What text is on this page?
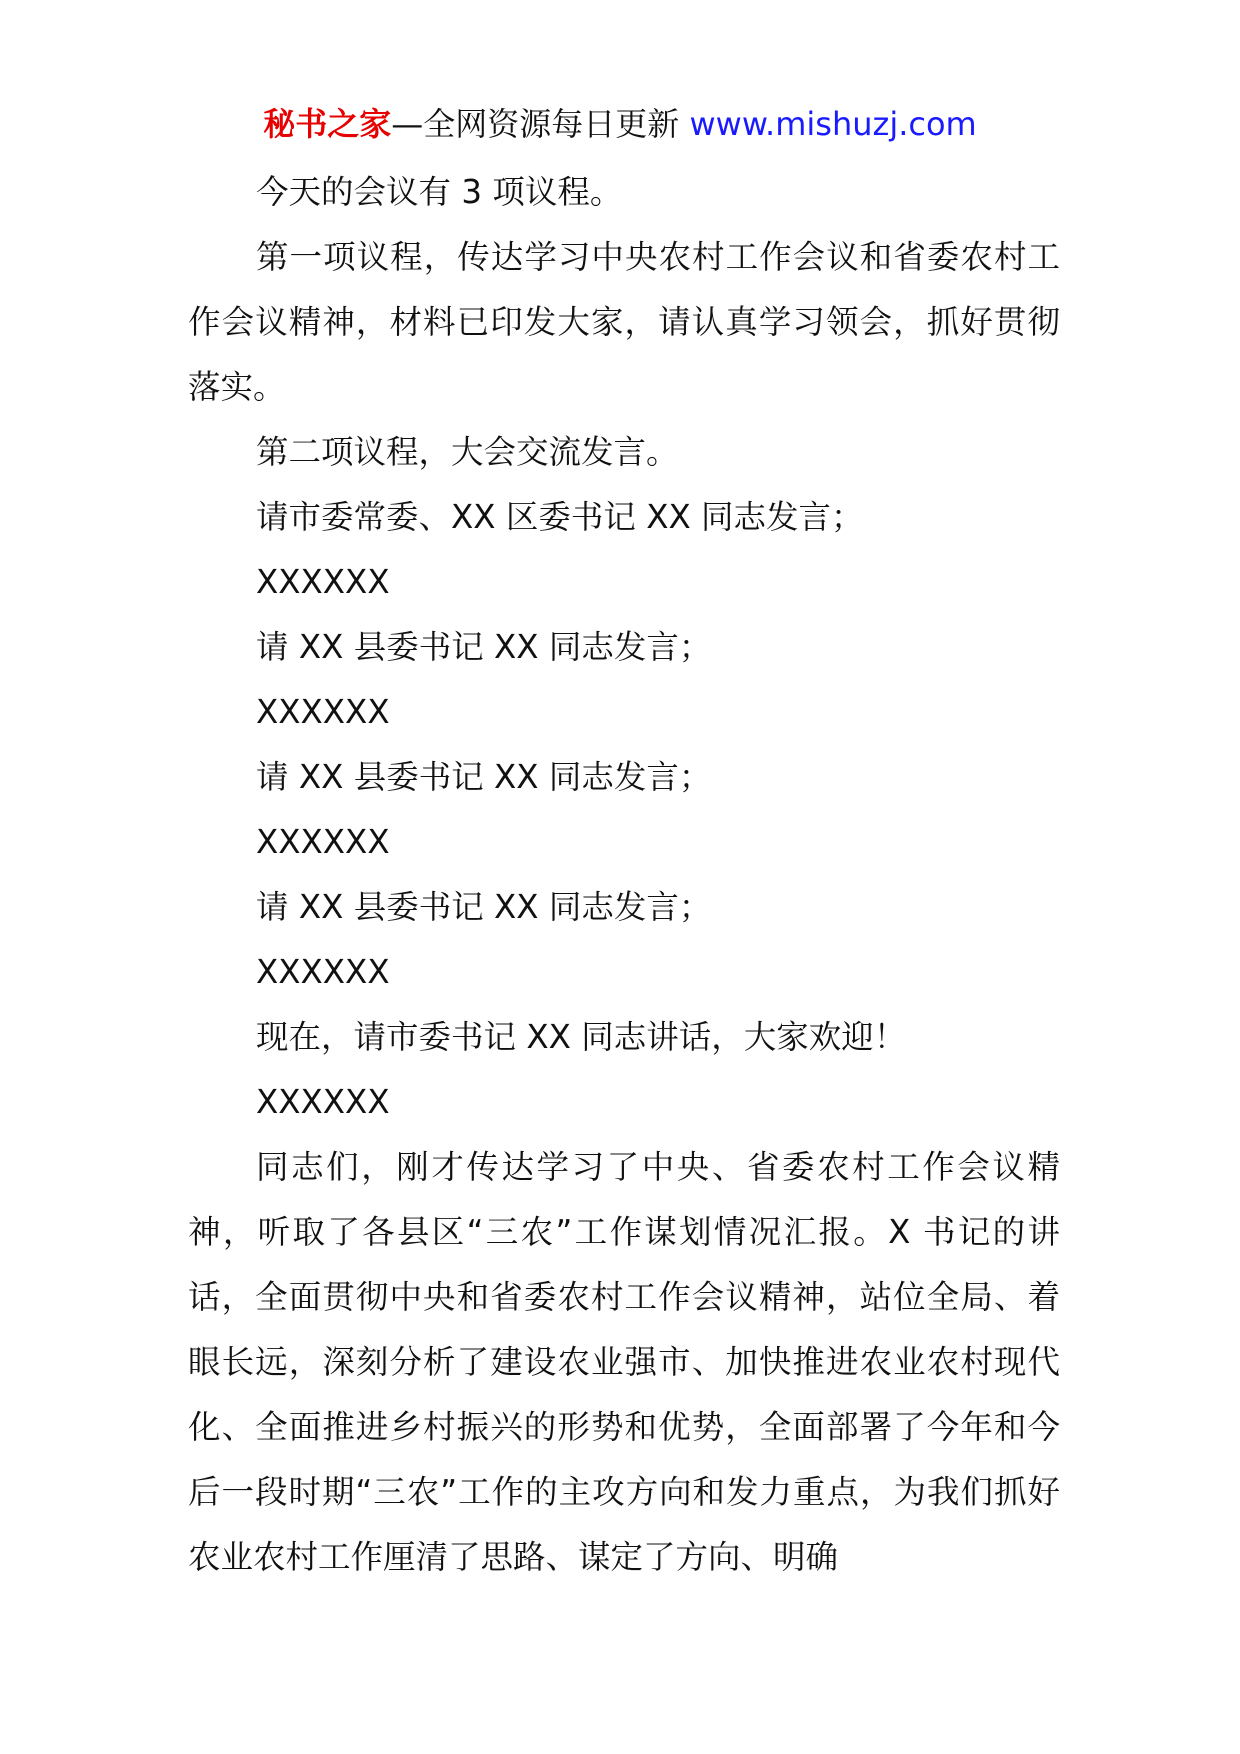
秘书之家—全网资源每日更新 www.mishuzj.com

今天的会议有 3 项议程。

第一项议程，传达学习中央农村工作会议和省委农村工作会议精神，材料已印发大家，请认真学习领会，抓好贯彻落实。

第二项议程，大会交流发言。

请市委常委、XX 区委书记 XX 同志发言；

XXXXXX

请 XX 县委书记 XX 同志发言；

XXXXXX

请 XX 县委书记 XX 同志发言；

XXXXXX

请 XX 县委书记 XX 同志发言；

XXXXXX

现在，请市委书记 XX 同志讲话，大家欢迎！

XXXXXX

同志们，刚才传达学习了中央、省委农村工作会议精神，听取了各县区“三农”工作谋划情况汇报。X 书记的讲话，全面贯彻中央和省委农村工作会议精神，站位全局、着眼长远，深刻分析了建设农业强市、加快推进农业农村现代化、全面推进乡村振兴的形势和优势，全面部署了今年和今后一段时期“三农”工作的主攻方向和发力重点，为我们抓好农业农村工作厘清了思路、谋定了方向、明确
